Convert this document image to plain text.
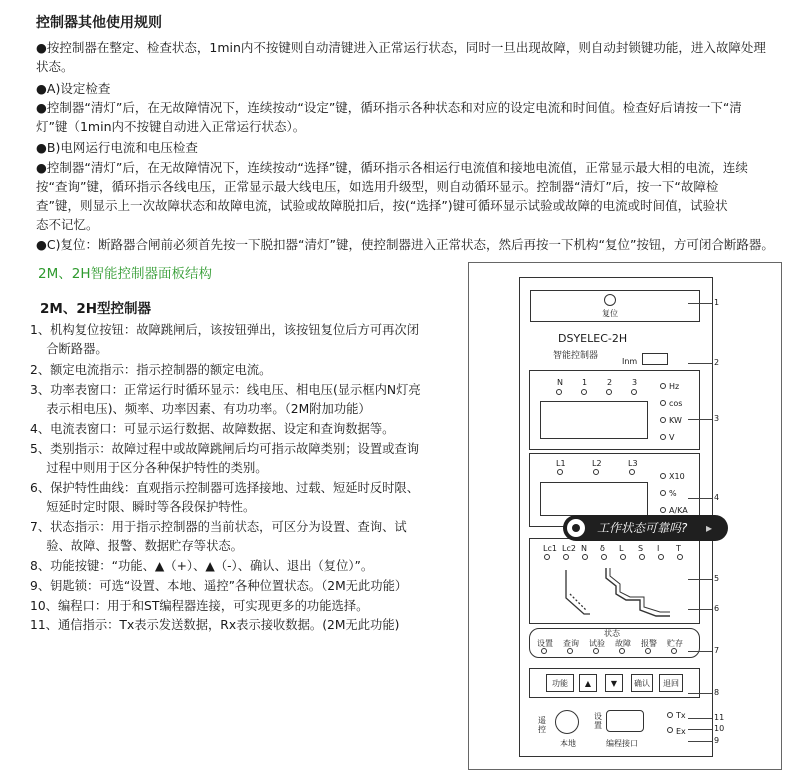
控制器其他使用规则
●按控制器在整定、检查状态，1min内不按键则自动清键进入正常运行状态，同时一旦出现故障，则自动封锁键功能，进入故障处理
状态。
●A)设定检查
●控制器“清灯”后，在无故障情况下，连续按动“设定”键，循环指示各种状态和对应的设定电流和时间值。检查好后请按一下“清
灯”键（1min内不按键自动进入正常运行状态）。
●B)电网运行电流和电压检查
●控制器“清灯”后，在无故障情况下，连续按动“选择”键，循环指示各相运行电流值和接地电流值，正常显示最大相的电流，连续
按“查询”键，循环指示各线电压，正常显示最大线电压，如选用升级型，则自动循环显示。控制器“清灯”后，按一下“故障检
查”键，则显示上一次故障状态和故障电流，试验或故障脱扣后，按(“选择”)键可循环显示试验或故障的电流或时间值，试验状
态不记忆。
●C)复位：断路器合闸前必须首先按一下脱扣器“清灯”键，使控制器进入正常状态，然后再按一下机构“复位”按钮，方可闭合断路器。
2M、2H智能控制器面板结构
2M、2H型控制器
1、机构复位按钮：故障跳闸后，该按钮弹出，该按钮复位后方可再次闭
　 合断路器。
2、额定电流指示：指示控制器的额定电流。
3、功率表窗口：正常运行时循环显示：线电压、相电压(显示框内N灯亮
　 表示相电压)、频率、功率因素、有功功率。（2M附加功能）
4、电流表窗口：可显示运行数据、故障数据、设定和查询数据等。
5、类别指示：故障过程中或故障跳闸后均可指示故障类别；设置或查询
　 过程中则用于区分各种保护特性的类别。
6、保护特性曲线：直观指示控制器可选择接地、过载、短延时反时限、
　 短延时定时限、瞬时等各段保护特性。
7、状态指示：用于指示控制器的当前状态，可区分为设置、查询、试
　 验、故障、报警、数据贮存等状态。
8、功能按键：“功能、▲（+）、▲（-）、确认、退出（复位）”。
9、钥匙锁：可选“设置、本地、遥控”各种位置状态。（2M无此功能）
10、编程口：用于和ST编程器连接，可实现更多的功能选择。
11、通信指示：Tx表示发送数据，Rx表示接收数据。(2M无此功能)
复位
DSYELEC-2H
智能控制器
Inm
状态
本地
遥
控
设
置
编程接口
Tx
Ex
工作状态可靠吗? ▸
N 1 2 3	Hz
cos
KW
V
L1	L2	L3
X10
%
A/KA
Lc1 Lc2 N δ L S I T
设置 查询 试验 故障 报警 贮存
功能	▲	▼	确认	退回
1
2
3
4
5
6
7
8
11
10
9
